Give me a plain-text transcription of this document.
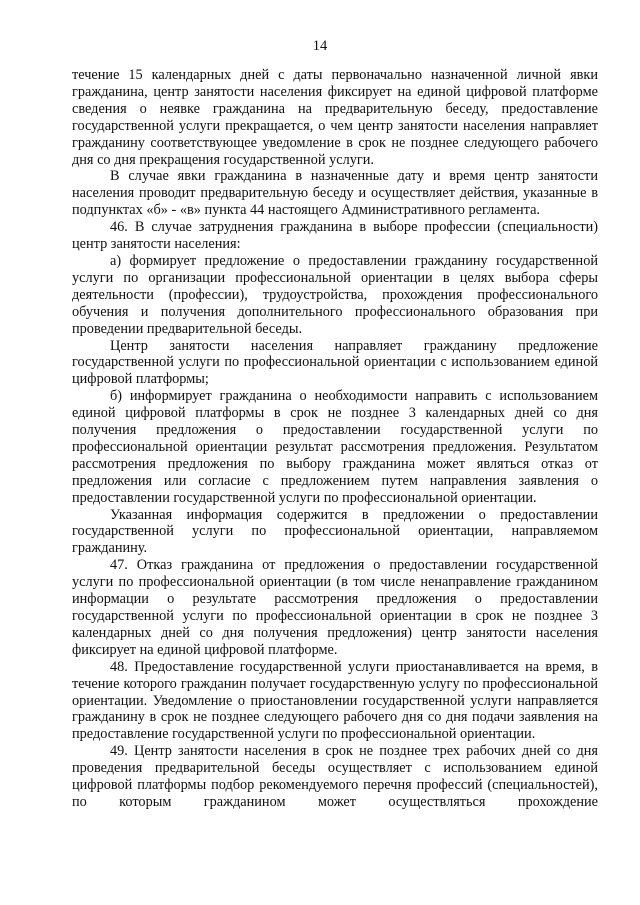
14

течение 15 календарных дней с даты первоначально назначенной личной явки гражданина, центр занятости населения фиксирует на единой цифровой платформе сведения о неявке гражданина на предварительную беседу, предоставление государственной услуги прекращается, о чем центр занятости населения направляет гражданину соответствующее уведомление в срок не позднее следующего рабочего дня со дня прекращения государственной услуги.

В случае явки гражданина в назначенные дату и время центр занятости населения проводит предварительную беседу и осуществляет действия, указанные в подпунктах «б» - «в» пункта 44 настоящего Административного регламента.

46. В случае затруднения гражданина в выборе профессии (специальности) центр занятости населения:

а) формирует предложение о предоставлении гражданину государственной услуги по организации профессиональной ориентации в целях выбора сферы деятельности (профессии), трудоустройства, прохождения профессионального обучения и получения дополнительного профессионального образования при проведении предварительной беседы.

Центр занятости населения направляет гражданину предложение государственной услуги по профессиональной ориентации с использованием единой цифровой платформы;

б) информирует гражданина о необходимости направить с использованием единой цифровой платформы в срок не позднее 3 календарных дней со дня получения предложения о предоставлении государственной услуги по профессиональной ориентации результат рассмотрения предложения. Результатом рассмотрения предложения по выбору гражданина может являться отказ от предложения или согласие с предложением путем направления заявления о предоставлении государственной услуги по профессиональной ориентации.

Указанная информация содержится в предложении о предоставлении государственной услуги по профессиональной ориентации, направляемом гражданину.

47. Отказ гражданина от предложения о предоставлении государственной услуги по профессиональной ориентации (в том числе ненаправление гражданином информации о результате рассмотрения предложения о предоставлении государственной услуги по профессиональной ориентации в срок не позднее 3 календарных дней со дня получения предложения) центр занятости населения фиксирует на единой цифровой платформе.

48. Предоставление государственной услуги приостанавливается на время, в течение которого гражданин получает государственную услугу по профессиональной ориентации. Уведомление о приостановлении государственной услуги направляется гражданину в срок не позднее следующего рабочего дня со дня подачи заявления на предоставление государственной услуги по профессиональной ориентации.

49. Центр занятости населения в срок не позднее трех рабочих дней со дня проведения предварительной беседы осуществляет с использованием единой цифровой платформы подбор рекомендуемого перечня профессий (специальностей), по которым гражданином может осуществляться прохождение
